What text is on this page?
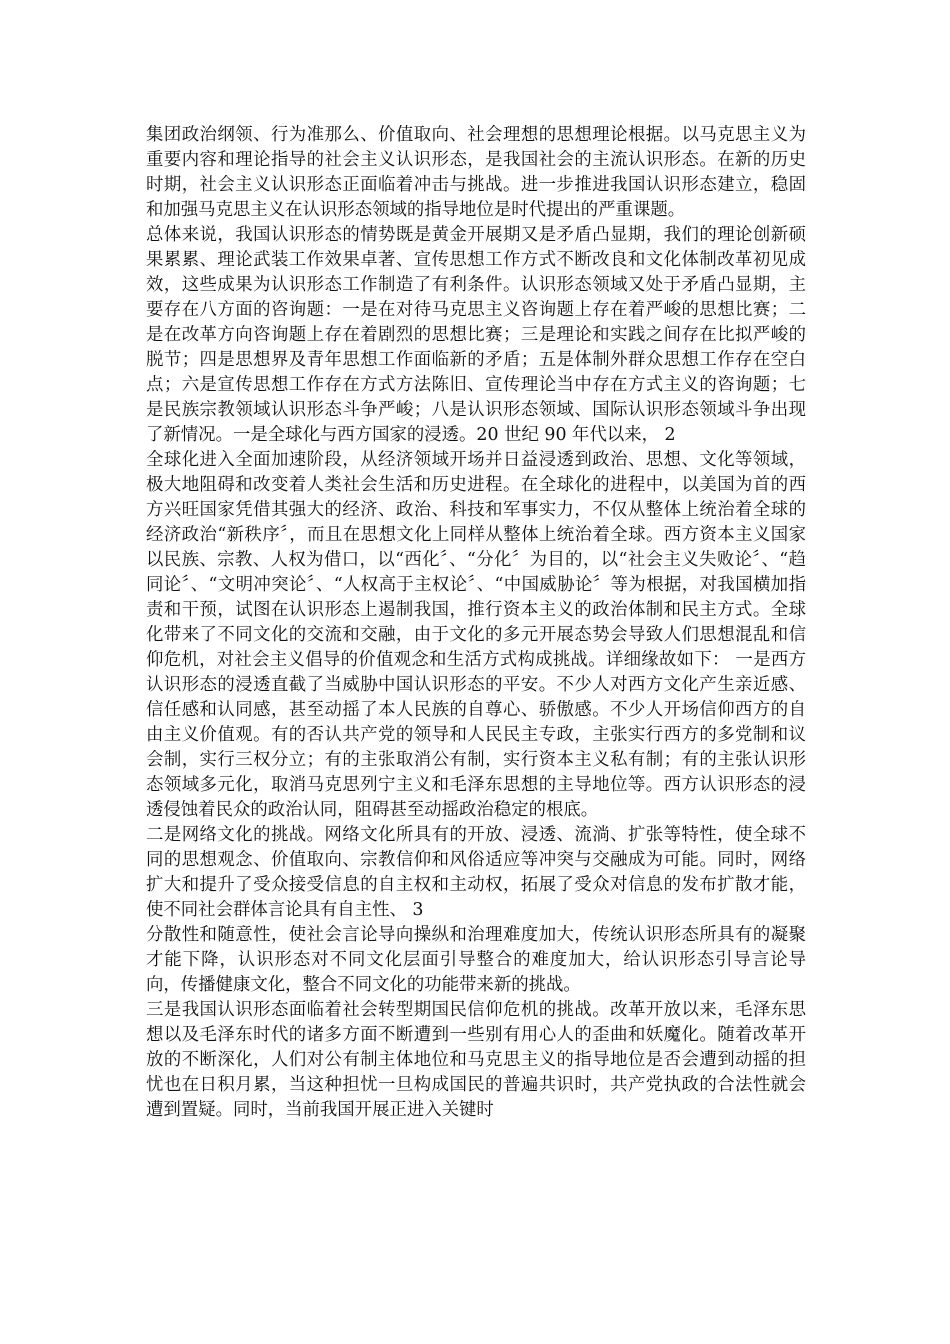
集团政治纲领、行为准那么、价值取向、社会理想的思想理论根据。以马克思主义为重要内容和理论指导的社会主义认识形态，是我国社会的主流认识形态。在新的历史时期，社会主义认识形态正面临着冲击与挑战。进一步推进我国认识形态建立，稳固和加强马克思主义在认识形态领域的指导地位是时代提出的严重课题。

总体来说，我国认识形态的情势既是黄金开展期又是矛盾凸显期，我们的理论创新硕果累累、理论武装工作效果卓著、宣传思想工作方式不断改良和文化体制改革初见成效，这些成果为认识形态工作制造了有利条件。认识形态领域又处于矛盾凸显期，主要存在八方面的咨询题：一是在对待马克思主义咨询题上存在着严峻的思想比赛；二是在改革方向咨询题上存在着剧烈的思想比赛；三是理论和实践之间存在比拟严峻的脱节；四是思想界及青年思想工作面临新的矛盾；五是体制外群众思想工作存在空白点；六是宣传思想工作存在方式方法陈旧、宣传理论当中存在方式主义的咨询题；七是民族宗教领域认识形态斗争严峻；八是认识形态领域、国际认识形态领域斗争出现了新情况。一是全球化与西方国家的浸透。20 世纪 90 年代以来， 2

全球化进入全面加速阶段，从经济领域开场并日益浸透到政治、思想、文化等领域，极大地阻碍和改变着人类社会生活和历史进程。在全球化的进程中，以美国为首的西方兴旺国家凭借其强大的经济、政治、科技和军事实力，不仅从整体上统治着全球的经济政治“新秩序〞，而且在思想文化上同样从整体上统治着全球。西方资本主义国家以民族、宗教、人权为借口，以“西化〞、“分化〞为目的，以“社会主义失败论〞、“趋同论〞、“文明冲突论〞、“人权高于主权论〞、“中国威胁论〞等为根据，对我国横加指责和干预，试图在认识形态上遏制我国，推行资本主义的政治体制和民主方式。全球化带来了不同文化的交流和交融，由于文化的多元开展态势会导致人们思想混乱和信仰危机，对社会主义倡导的价值观念和生活方式构成挑战。详细缘故如下： 一是西方认识形态的浸透直截了当威胁中国认识形态的平安。不少人对西方文化产生亲近感、信任感和认同感，甚至动摇了本人民族的自尊心、骄傲感。不少人开场信仰西方的自由主义价值观。有的否认共产党的领导和人民民主专政，主张实行西方的多党制和议会制，实行三权分立；有的主张取消公有制，实行资本主义私有制；有的主张认识形态领域多元化，取消马克思列宁主义和毛泽东思想的主导地位等。西方认识形态的浸透侵蚀着民众的政治认同，阻碍甚至动摇政治稳定的根底。

二是网络文化的挑战。网络文化所具有的开放、浸透、流淌、扩张等特性，使全球不同的思想观念、价值取向、宗教信仰和风俗适应等冲突与交融成为可能。同时，网络扩大和提升了受众接受信息的自主权和主动权，拓展了受众对信息的发布扩散才能，使不同社会群体言论具有自主性、 3

分散性和随意性，使社会言论导向操纵和治理难度加大，传统认识形态所具有的凝聚才能下降，认识形态对不同文化层面引导整合的难度加大，给认识形态引导言论导向，传播健康文化，整合不同文化的功能带来新的挑战。

三是我国认识形态面临着社会转型期国民信仰危机的挑战。改革开放以来，毛泽东思想以及毛泽东时代的诸多方面不断遭到一些别有用心人的歪曲和妖魔化。随着改革开放的不断深化，人们对公有制主体地位和马克思主义的指导地位是否会遭到动摇的担忧也在日积月累，当这种担忧一旦构成国民的普遍共识时，共产党执政的合法性就会遭到置疑。同时，当前我国开展正进入关键时
